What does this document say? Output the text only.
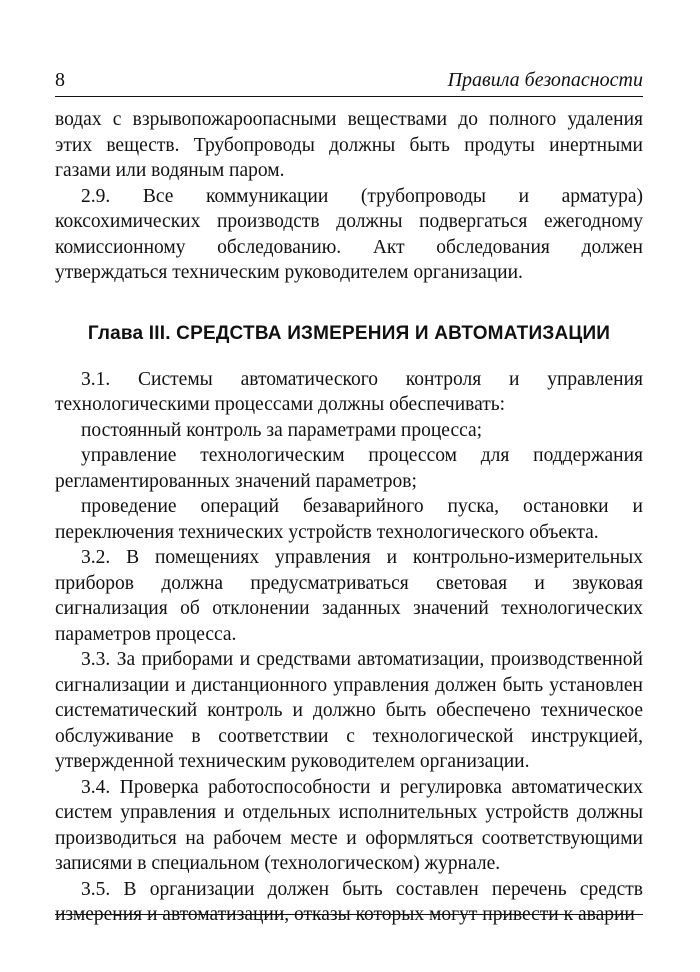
8	Правила безопасности

водах с взрывопожароопасными веществами до полного удаления этих веществ. Трубопроводы должны быть продуты инертными газами или водяным паром.

2.9. Все коммуникации (трубопроводы и арматура) коксохимических производств должны подвергаться ежегодному комиссионному обследованию. Акт обследования должен утверждаться техническим руководителем организации.

Глава III. СРЕДСТВА ИЗМЕРЕНИЯ И АВТОМАТИЗАЦИИ

3.1. Системы автоматического контроля и управления технологическими процессами должны обеспечивать:

постоянный контроль за параметрами процесса;

управление технологическим процессом для поддержания регламентированных значений параметров;

проведение операций безаварийного пуска, остановки и переключения технических устройств технологического объекта.

3.2. В помещениях управления и контрольно-измерительных приборов должна предусматриваться световая и звуковая сигнализация об отклонении заданных значений технологических параметров процесса.

3.3. За приборами и средствами автоматизации, производственной сигнализации и дистанционного управления должен быть установлен систематический контроль и должно быть обеспечено техническое обслуживание в соответствии с технологической инструкцией, утвержденной техническим руководителем организации.

3.4. Проверка работоспособности и регулировка автоматических систем управления и отдельных исполнительных устройств должны производиться на рабочем месте и оформляться соответствующими записями в специальном (технологическом) журнале.

3.5. В организации должен быть составлен перечень средств измерения и автоматизации, отказы которых могут привести к аварии
